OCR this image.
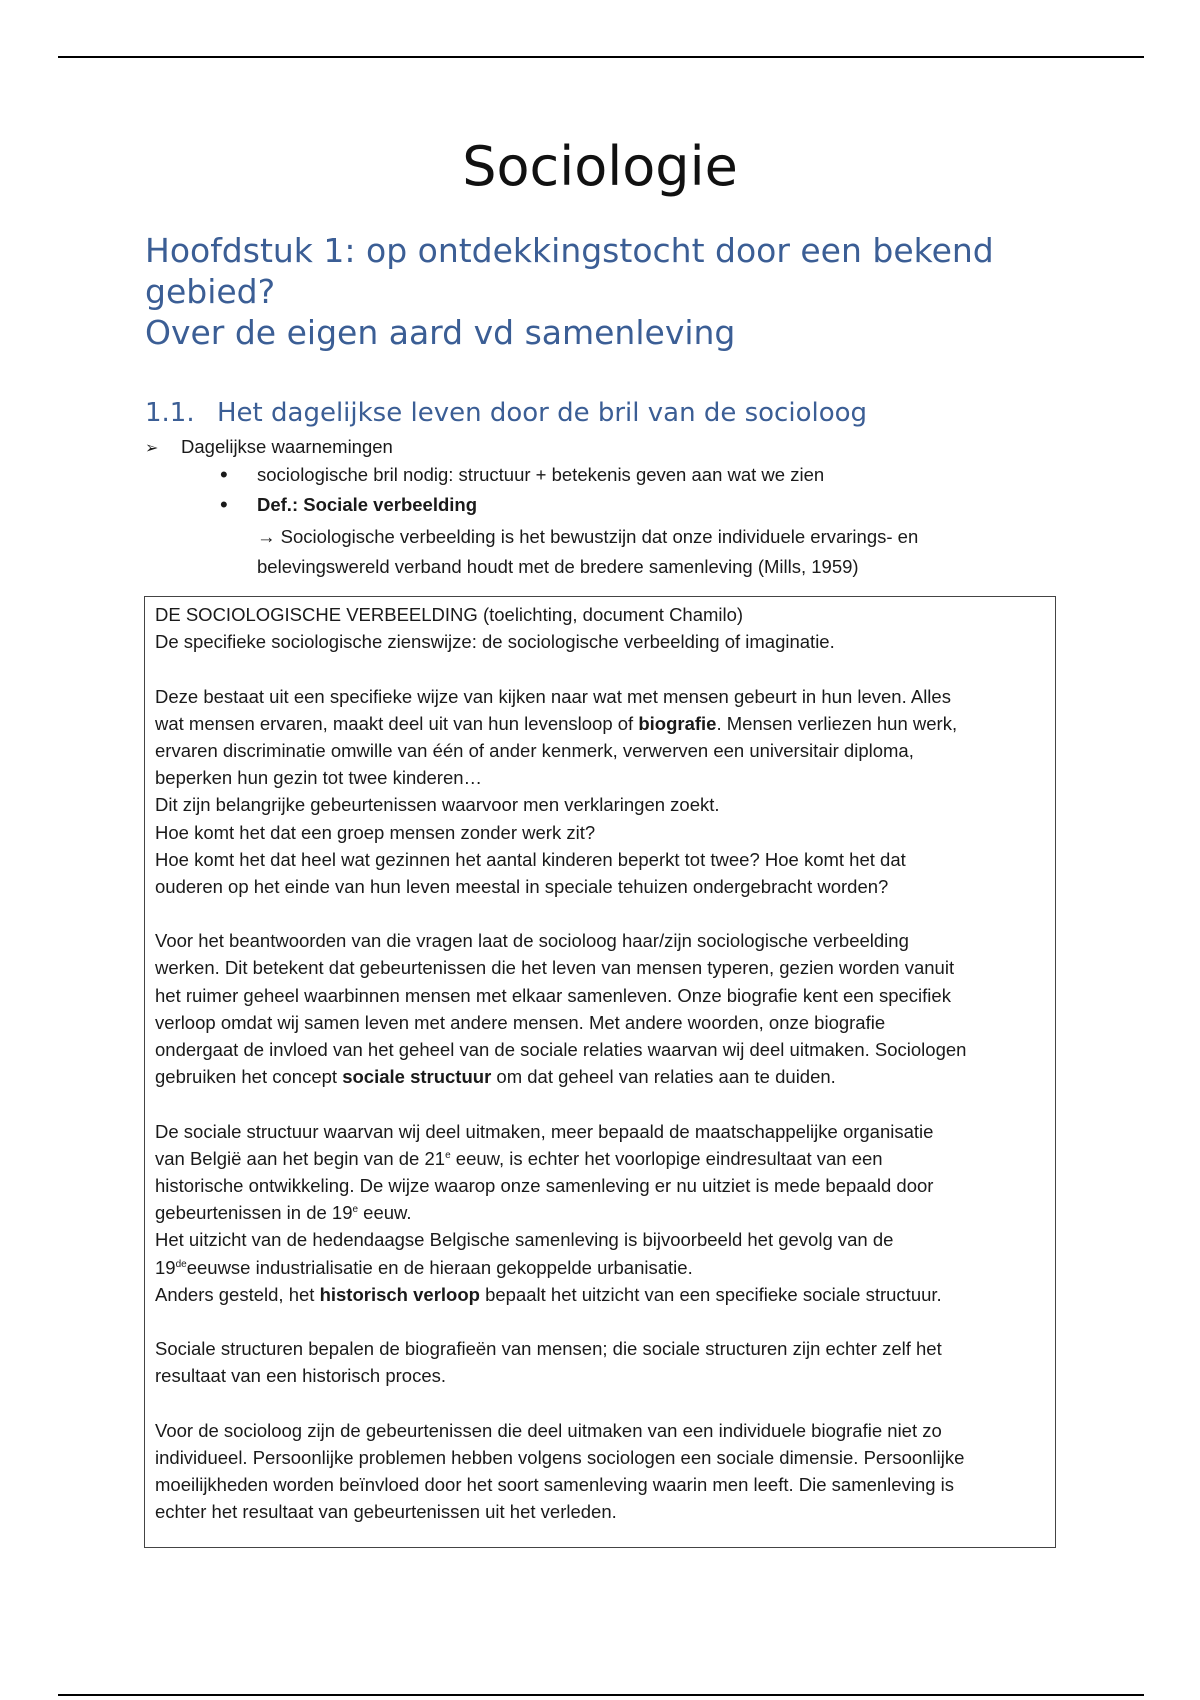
Sociologie
Hoofdstuk 1: op ontdekkingstocht door een bekend
gebied?
Over de eigen aard vd samenleving
1.1. Het dagelijkse leven door de bril van de socioloog
➢ Dagelijkse waarnemingen
• sociologische bril nodig: structuur + betekenis geven aan wat we zien
• Def.: Sociale verbeelding
→ Sociologische verbeelding is het bewustzijn dat onze individuele ervarings- en
belevingswereld verband houdt met de bredere samenleving (Mills, 1959)
DE SOCIOLOGISCHE VERBEELDING (toelichting, document Chamilo)
De specifieke sociologische zienswijze: de sociologische verbeelding of imaginatie.
Deze bestaat uit een specifieke wijze van kijken naar wat met mensen gebeurt in hun leven. Alles
wat mensen ervaren, maakt deel uit van hun levensloop of biografie. Mensen verliezen hun werk,
ervaren discriminatie omwille van één of ander kenmerk, verwerven een universitair diploma,
beperken hun gezin tot twee kinderen…
Dit zijn belangrijke gebeurtenissen waarvoor men verklaringen zoekt.
Hoe komt het dat een groep mensen zonder werk zit?
Hoe komt het dat heel wat gezinnen het aantal kinderen beperkt tot twee? Hoe komt het dat
ouderen op het einde van hun leven meestal in speciale tehuizen ondergebracht worden?
Voor het beantwoorden van die vragen laat de socioloog haar/zijn sociologische verbeelding
werken. Dit betekent dat gebeurtenissen die het leven van mensen typeren, gezien worden vanuit
het ruimer geheel waarbinnen mensen met elkaar samenleven. Onze biografie kent een specifiek
verloop omdat wij samen leven met andere mensen. Met andere woorden, onze biografie
ondergaat de invloed van het geheel van de sociale relaties waarvan wij deel uitmaken. Sociologen
gebruiken het concept sociale structuur om dat geheel van relaties aan te duiden.
De sociale structuur waarvan wij deel uitmaken, meer bepaald de maatschappelijke organisatie
van België aan het begin van de 21e eeuw, is echter het voorlopige eindresultaat van een
historische ontwikkeling. De wijze waarop onze samenleving er nu uitziet is mede bepaald door
gebeurtenissen in de 19e eeuw.
Het uitzicht van de hedendaagse Belgische samenleving is bijvoorbeeld het gevolg van de
19deeeuwse industrialisatie en de hieraan gekoppelde urbanisatie.
Anders gesteld, het historisch verloop bepaalt het uitzicht van een specifieke sociale structuur.
Sociale structuren bepalen de biografieën van mensen; die sociale structuren zijn echter zelf het
resultaat van een historisch proces.
Voor de socioloog zijn de gebeurtenissen die deel uitmaken van een individuele biografie niet zo
individueel. Persoonlijke problemen hebben volgens sociologen een sociale dimensie. Persoonlijke
moeilijkheden worden beïnvloed door het soort samenleving waarin men leeft. Die samenleving is
echter het resultaat van gebeurtenissen uit het verleden.
